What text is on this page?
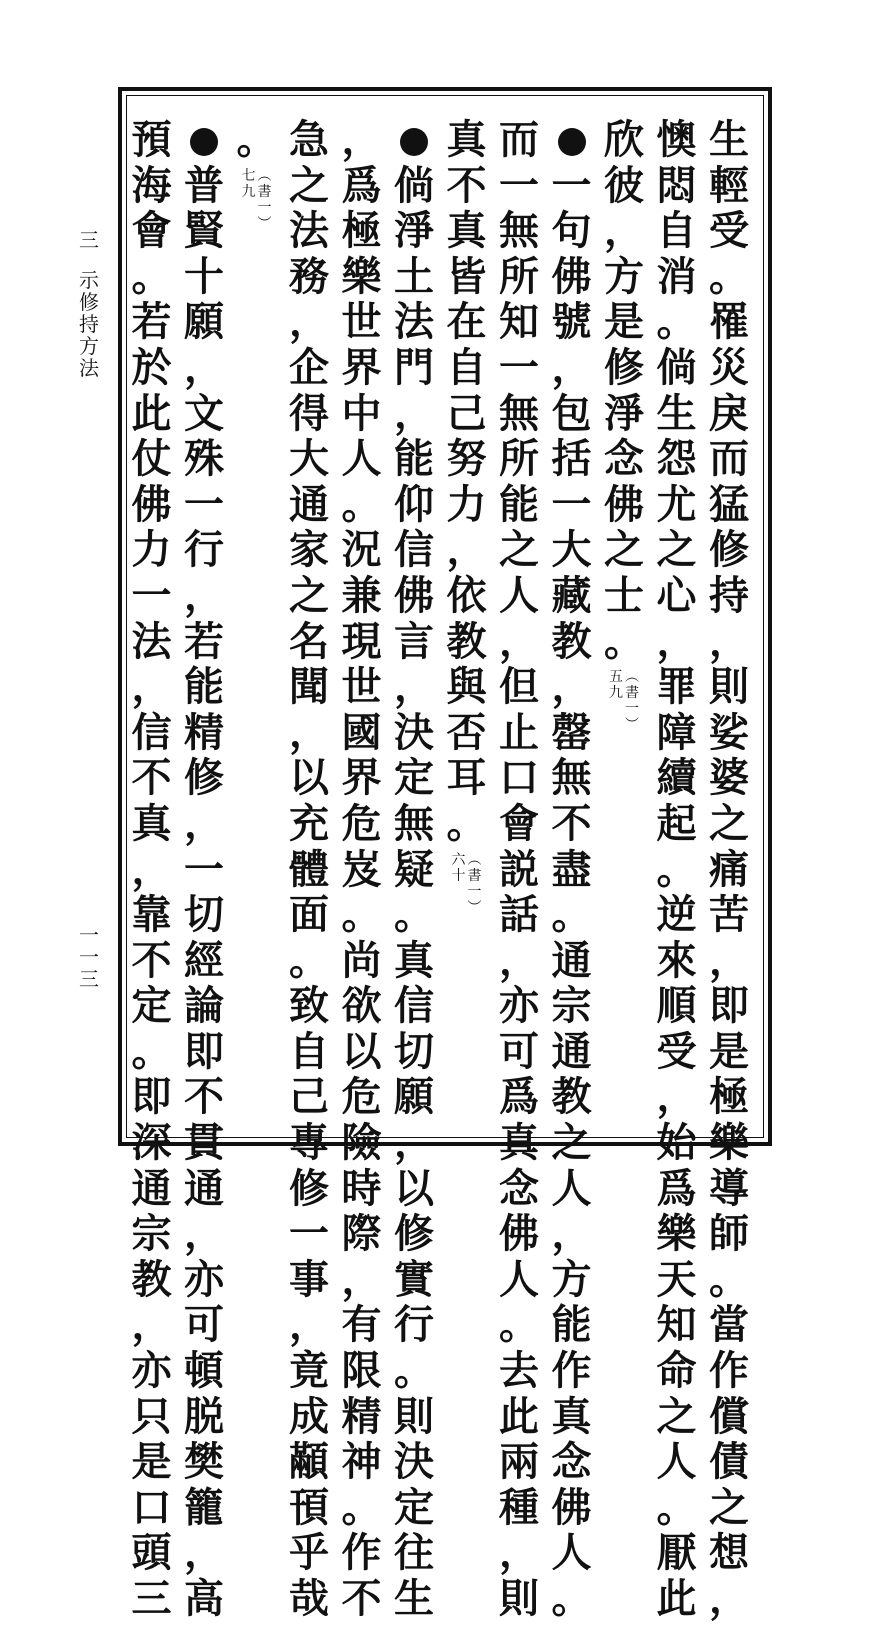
生
輕
受
。
罹
災
戾
而
猛
修
持
，
則
娑
婆
之
痛
苦
，
即
是
極
樂
導
師
。
當
作
償
債
之
想
，
懊
悶
自
消
。
倘
生
怨
尤
之
心
，
罪
障
續
起
。
逆
來
順
受
，
始
爲
樂
天
知
命
之
人
。
厭
此
欣
彼
，
方
是
修
淨
念
佛
之
士
。
︵
書
一
︶
五
九
一
句
佛
號
，
包
括
一
大
藏
教
，
罄
無
不
盡
。
通
宗
通
教
之
人
，
方
能
作
真
念
佛
人
。
而
一
無
所
知
一
無
所
能
之
人
，
但
止
口
會
説
話
，
亦
可
爲
真
念
佛
人
。
去
此
兩
種
，
則
真
不
真
皆
在
自
己
努
力
，
依
教
與
否
耳
。
︵
書
一
︶
六
十
倘
淨
土
法
門
，
能
仰
信
佛
言
，
決
定
無
疑
。
真
信
切
願
，
以
修
實
行
。
則
決
定
往
生
，
爲
極
樂
世
界
中
人
。
況
兼
現
世
國
界
危
岌
。
尚
欲
以
危
險
時
際
，
有
限
精
神
。
作
不
急
之
法
務
，
企
得
大
通
家
之
名
聞
，
以
充
體
面
。
致
自
己
專
修
一
事
，
竟
成
顢
頇
乎
哉
。
︵
書
一
︶
七
九
普
賢
十
願
，
文
殊
一
行
，
若
能
精
修
，
一
切
經
論
即
不
貫
通
，
亦
可
頓
脱
樊
籠
，
高
預
海
會
。
若
於
此
仗
佛
力
一
法
，
信
不
真
，
靠
不
定
。
即
深
通
宗
教
，
亦
只
是
口
頭
三
三
示
修
持
方
法
一
一
三
